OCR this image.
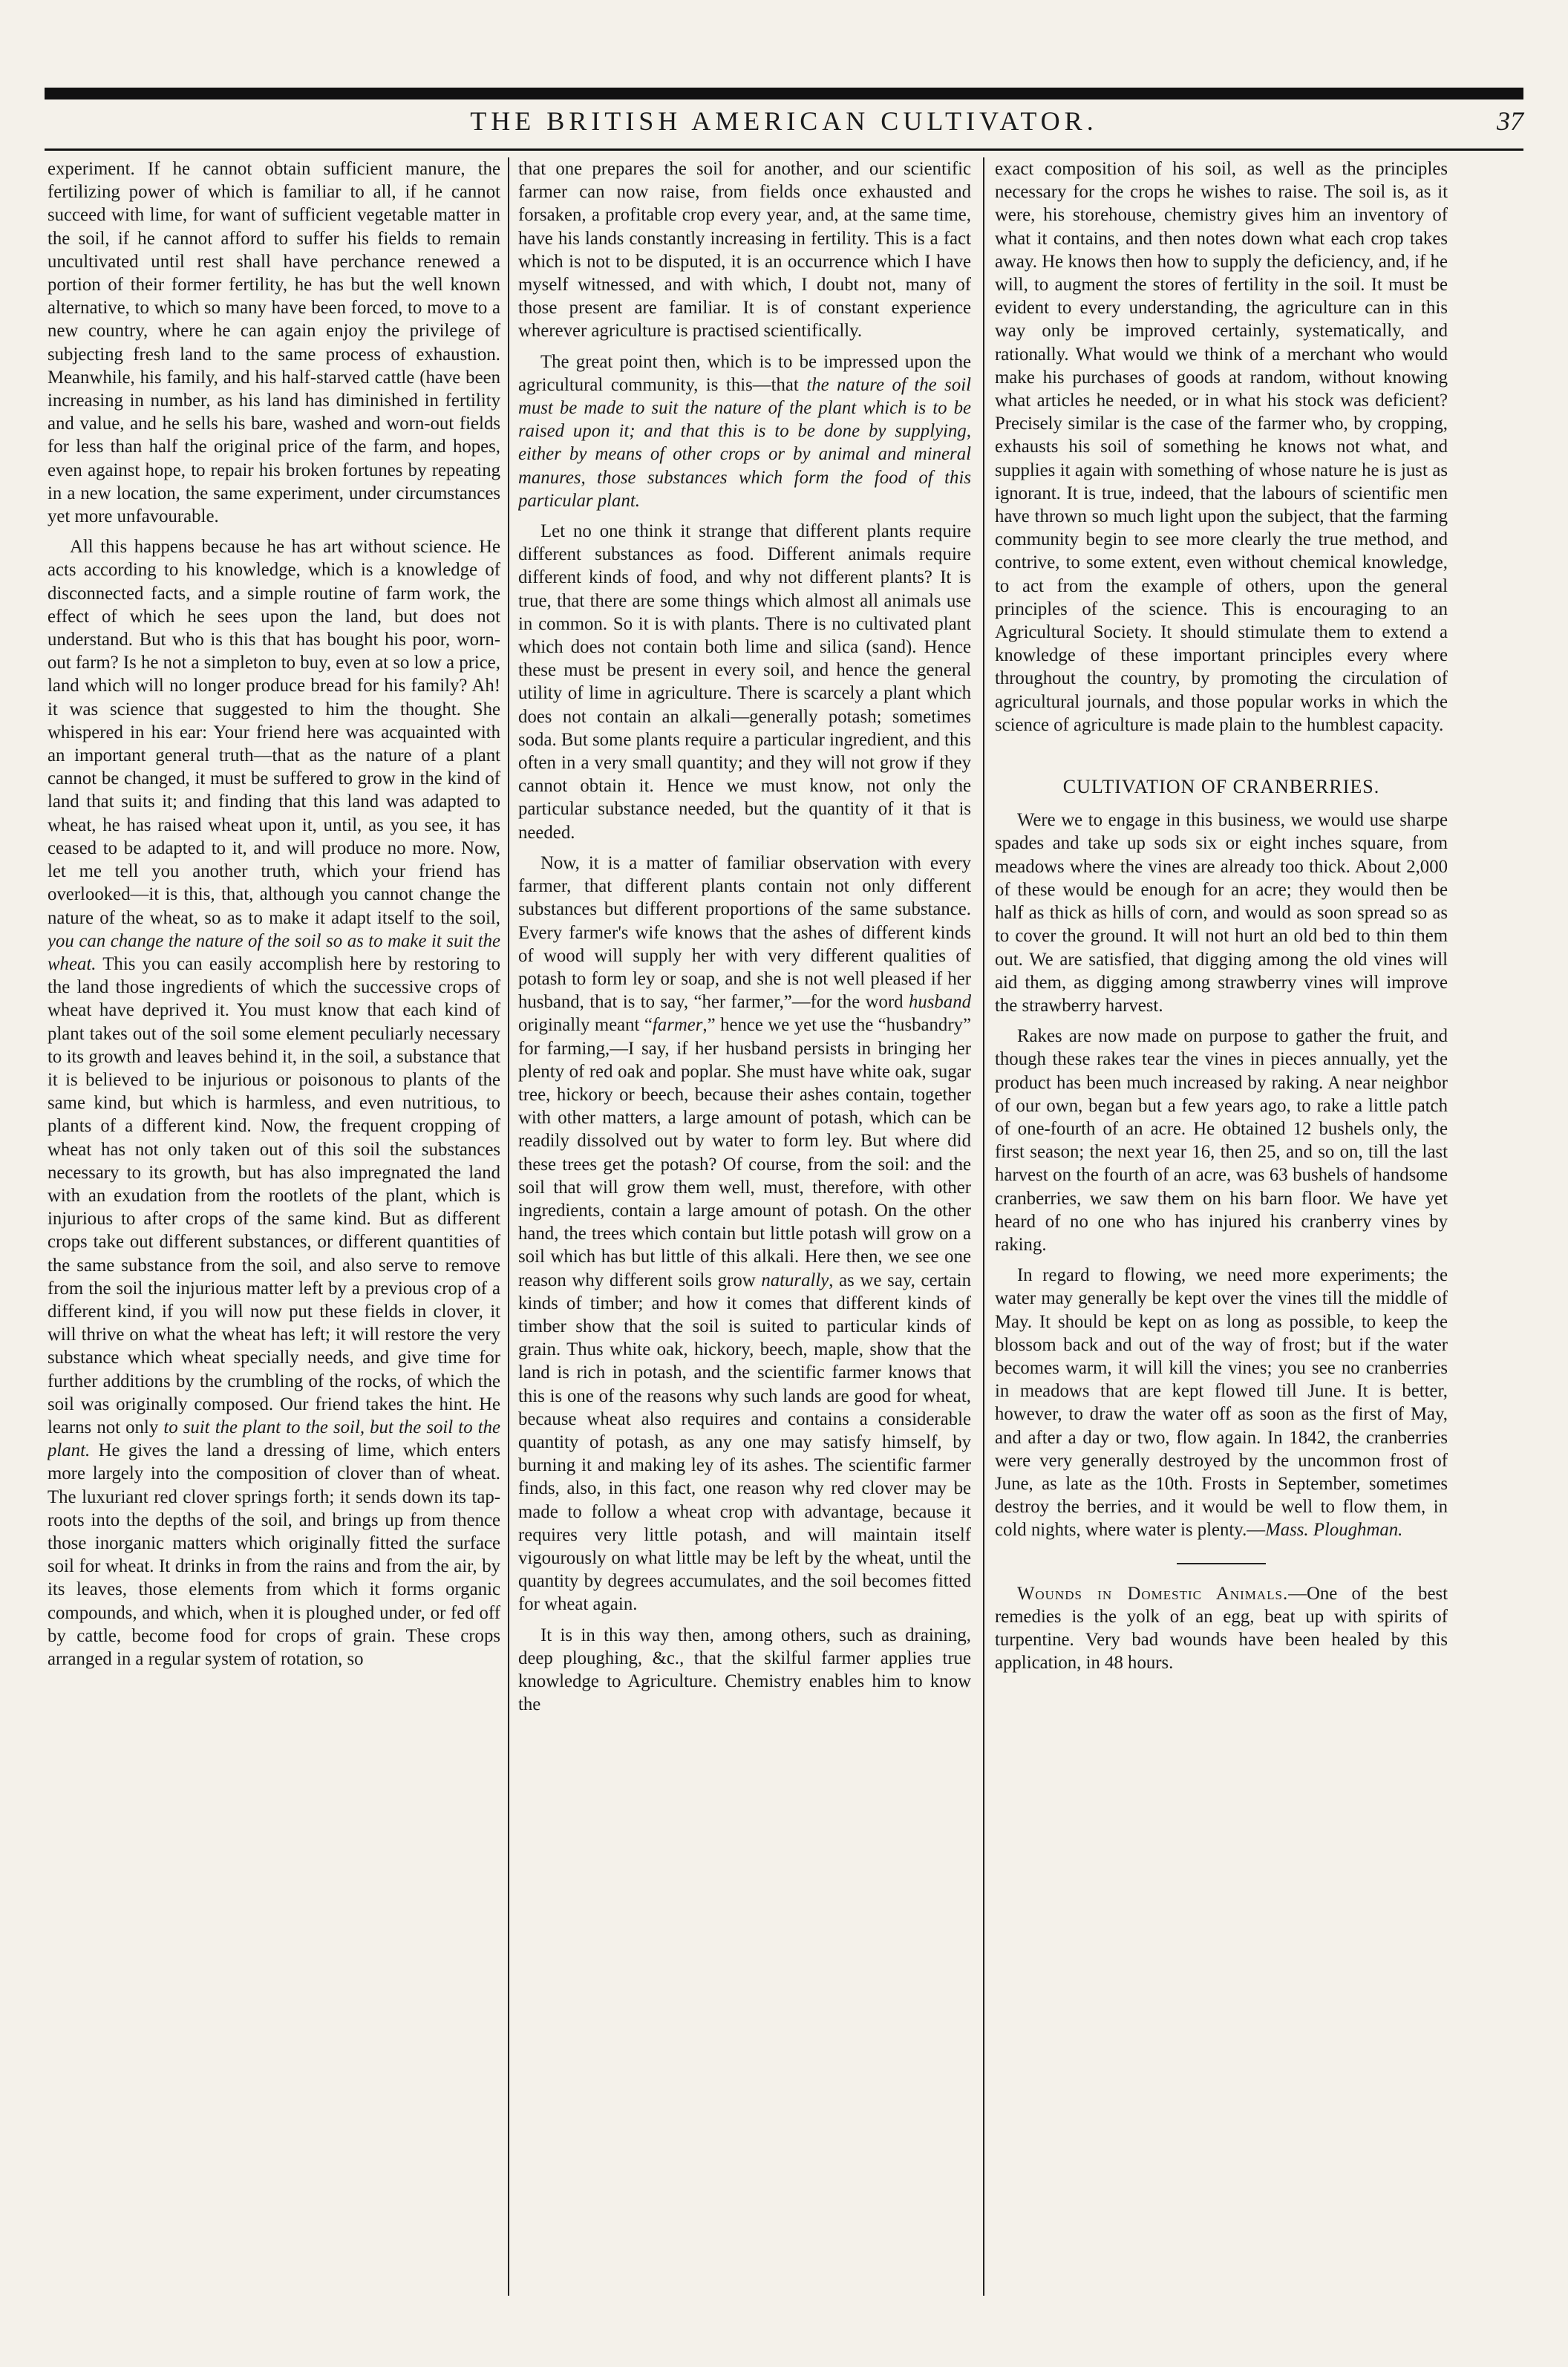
THE BRITISH AMERICAN CULTIVATOR.	37

experiment. If he cannot obtain sufficient manure, the fertilizing power of which is familiar to all, if he cannot succeed with lime, for want of sufficient vegetable matter in the soil, if he cannot afford to suffer his fields to remain uncultivated until rest shall have perchance renewed a portion of their former fertility, he has but the well known alternative, to which so many have been forced, to move to a new country, where he can again enjoy the privilege of subjecting fresh land to the same process of exhaustion. Meanwhile, his family, and his half-starved cattle (have been increasing in number, as his land has diminished in fertility and value, and he sells his bare, washed and worn-out fields for less than half the original price of the farm, and hopes, even against hope, to repair his broken fortunes by repeating in a new location, the same experiment, under circumstances yet more unfavourable.

All this happens because he has art without science. He acts according to his knowledge, which is a knowledge of disconnected facts, and a simple routine of farm work, the effect of which he sees upon the land, but does not understand. But who is this that has bought his poor, worn-out farm? Is he not a simpleton to buy, even at so low a price, land which will no longer produce bread for his family? Ah! it was science that suggested to him the thought. She whispered in his ear: Your friend here was acquainted with an important general truth—that as the nature of a plant cannot be changed, it must be suffered to grow in the kind of land that suits it; and finding that this land was adapted to wheat, he has raised wheat upon it, until, as you see, it has ceased to be adapted to it, and will produce no more. Now, let me tell you another truth, which your friend has overlooked—it is this, that, although you cannot change the nature of the wheat, so as to make it adapt itself to the soil, you can change the nature of the soil so as to make it suit the wheat. This you can easily accomplish here by restoring to the land those ingredients of which the successive crops of wheat have deprived it. You must know that each kind of plant takes out of the soil some element peculiarly necessary to its growth and leaves behind it, in the soil, a substance that it is believed to be injurious or poisonous to plants of the same kind, but which is harmless, and even nutritious, to plants of a different kind. Now, the frequent cropping of wheat has not only taken out of this soil the substances necessary to its growth, but has also impregnated the land with an exudation from the rootlets of the plant, which is injurious to after crops of the same kind. But as different crops take out different substances, or different quantities of the same substance from the soil, and also serve to remove from the soil the injurious matter left by a previous crop of a different kind, if you will now put these fields in clover, it will thrive on what the wheat has left; it will restore the very substance which wheat specially needs, and give time for further additions by the crumbling of the rocks, of which the soil was originally composed. Our friend takes the hint. He learns not only to suit the plant to the soil, but the soil to the plant. He gives the land a dressing of lime, which enters more largely into the composition of clover than of wheat. The luxuriant red clover springs forth; it sends down its tap-roots into the depths of the soil, and brings up from thence those inorganic matters which originally fitted the surface soil for wheat. It drinks in from the rains and from the air, by its leaves, those elements from which it forms organic compounds, and which, when it is ploughed under, or fed off by cattle, become food for crops of grain. These crops arranged in a regular system of rotation, so

that one prepares the soil for another, and our scientific farmer can now raise, from fields once exhausted and forsaken, a profitable crop every year, and, at the same time, have his lands constantly increasing in fertility. This is a fact which is not to be disputed, it is an occurrence which I have myself witnessed, and with which, I doubt not, many of those present are familiar. It is of constant experience wherever agriculture is practised scientifically.

The great point then, which is to be impressed upon the agricultural community, is this—that the nature of the soil must be made to suit the nature of the plant which is to be raised upon it; and that this is to be done by supplying, either by means of other crops or by animal and mineral manures, those substances which form the food of this particular plant.

Let no one think it strange that different plants require different substances as food. Different animals require different kinds of food, and why not different plants? It is true, that there are some things which almost all animals use in common. So it is with plants. There is no cultivated plant which does not contain both lime and silica (sand). Hence these must be present in every soil, and hence the general utility of lime in agriculture. There is scarcely a plant which does not contain an alkali—generally potash; sometimes soda. But some plants require a particular ingredient, and this often in a very small quantity; and they will not grow if they cannot obtain it. Hence we must know, not only the particular substance needed, but the quantity of it that is needed.

Now, it is a matter of familiar observation with every farmer, that different plants contain not only different substances but different proportions of the same substance. Every farmer's wife knows that the ashes of different kinds of wood will supply her with very different qualities of potash to form ley or soap, and she is not well pleased if her husband, that is to say, “her farmer,”—for the word husband originally meant “farmer,” hence we yet use the “husbandry” for farming,—I say, if her husband persists in bringing her plenty of red oak and poplar. She must have white oak, sugar tree, hickory or beech, because their ashes contain, together with other matters, a large amount of potash, which can be readily dissolved out by water to form ley. But where did these trees get the potash? Of course, from the soil: and the soil that will grow them well, must, therefore, with other ingredients, contain a large amount of potash. On the other hand, the trees which contain but little potash will grow on a soil which has but little of this alkali. Here then, we see one reason why different soils grow naturally, as we say, certain kinds of timber; and how it comes that different kinds of timber show that the soil is suited to particular kinds of grain. Thus white oak, hickory, beech, maple, show that the land is rich in potash, and the scientific farmer knows that this is one of the reasons why such lands are good for wheat, because wheat also requires and contains a considerable quantity of potash, as any one may satisfy himself, by burning it and making ley of its ashes. The scientific farmer finds, also, in this fact, one reason why red clover may be made to follow a wheat crop with advantage, because it requires very little potash, and will maintain itself vigourously on what little may be left by the wheat, until the quantity by degrees accumulates, and the soil becomes fitted for wheat again.

It is in this way then, among others, such as draining, deep ploughing, &c., that the skilful farmer applies true knowledge to Agriculture. Chemistry enables him to know the

exact composition of his soil, as well as the principles necessary for the crops he wishes to raise. The soil is, as it were, his storehouse, chemistry gives him an inventory of what it contains, and then notes down what each crop takes away. He knows then how to supply the deficiency, and, if he will, to augment the stores of fertility in the soil. It must be evident to every understanding, the agriculture can in this way only be improved certainly, systematically, and rationally. What would we think of a merchant who would make his purchases of goods at random, without knowing what articles he needed, or in what his stock was deficient? Precisely similar is the case of the farmer who, by cropping, exhausts his soil of something he knows not what, and supplies it again with something of whose nature he is just as ignorant. It is true, indeed, that the labours of scientific men have thrown so much light upon the subject, that the farming community begin to see more clearly the true method, and contrive, to some extent, even without chemical knowledge, to act from the example of others, upon the general principles of the science. This is encouraging to an Agricultural Society. It should stimulate them to extend a knowledge of these important principles every where throughout the country, by promoting the circulation of agricultural journals, and those popular works in which the science of agriculture is made plain to the humblest capacity.

CULTIVATION OF CRANBERRIES.

Were we to engage in this business, we would use sharpe spades and take up sods six or eight inches square, from meadows where the vines are already too thick. About 2,000 of these would be enough for an acre; they would then be half as thick as hills of corn, and would as soon spread so as to cover the ground. It will not hurt an old bed to thin them out. We are satisfied, that digging among the old vines will aid them, as digging among strawberry vines will improve the strawberry harvest.

Rakes are now made on purpose to gather the fruit, and though these rakes tear the vines in pieces annually, yet the product has been much increased by raking. A near neighbor of our own, began but a few years ago, to rake a little patch of one-fourth of an acre. He obtained 12 bushels only, the first season; the next year 16, then 25, and so on, till the last harvest on the fourth of an acre, was 63 bushels of handsome cranberries, we saw them on his barn floor. We have yet heard of no one who has injured his cranberry vines by raking.

In regard to flowing, we need more experiments; the water may generally be kept over the vines till the middle of May. It should be kept on as long as possible, to keep the blossom back and out of the way of frost; but if the water becomes warm, it will kill the vines; you see no cranberries in meadows that are kept flowed till June. It is better, however, to draw the water off as soon as the first of May, and after a day or two, flow again. In 1842, the cranberries were very generally destroyed by the uncommon frost of June, as late as the 10th. Frosts in September, sometimes destroy the berries, and it would be well to flow them, in cold nights, where water is plenty.—Mass. Ploughman.

Wounds in Domestic Animals.—One of the best remedies is the yolk of an egg, beat up with spirits of turpentine. Very bad wounds have been healed by this application, in 48 hours.
